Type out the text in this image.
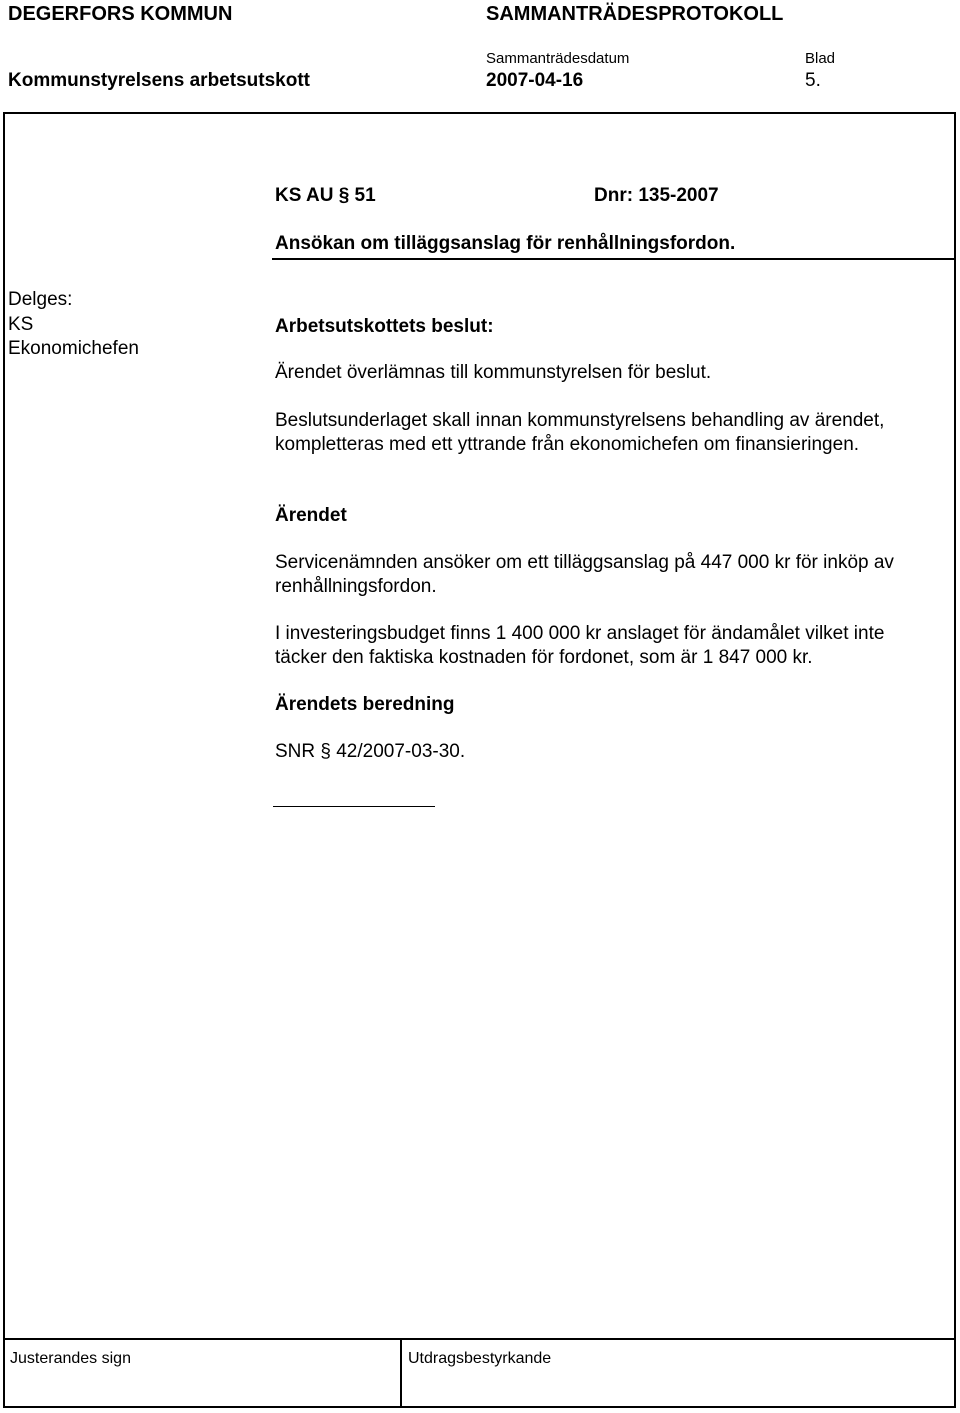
DEGERFORS KOMMUN	SAMMANTRÄDESPROTOKOLL
Sammanträdesdatum	Blad
Kommunstyrelsens arbetsutskott	2007-04-16	5.
KS AU § 51	Dnr: 135-2007
Ansökan om tilläggsanslag för renhållningsfordon.
Delges:
KS
Ekonomichefen
Arbetsutskottets beslut:
Ärendet överlämnas till kommunstyrelsen för beslut.
Beslutsunderlaget skall innan kommunstyrelsens behandling av ärendet,
kompletteras med ett yttrande från ekonomichefen om finansieringen.
Ärendet
Servicenämnden ansöker om ett tilläggsanslag på 447 000 kr för inköp av
renhållningsfordon.
I investeringsbudget finns 1 400 000 kr anslaget för ändamålet vilket inte
täcker den faktiska kostnaden för fordonet, som är 1 847 000 kr.
Ärendets beredning
SNR § 42/2007-03-30.
Justerandes sign	Utdragsbestyrkande
